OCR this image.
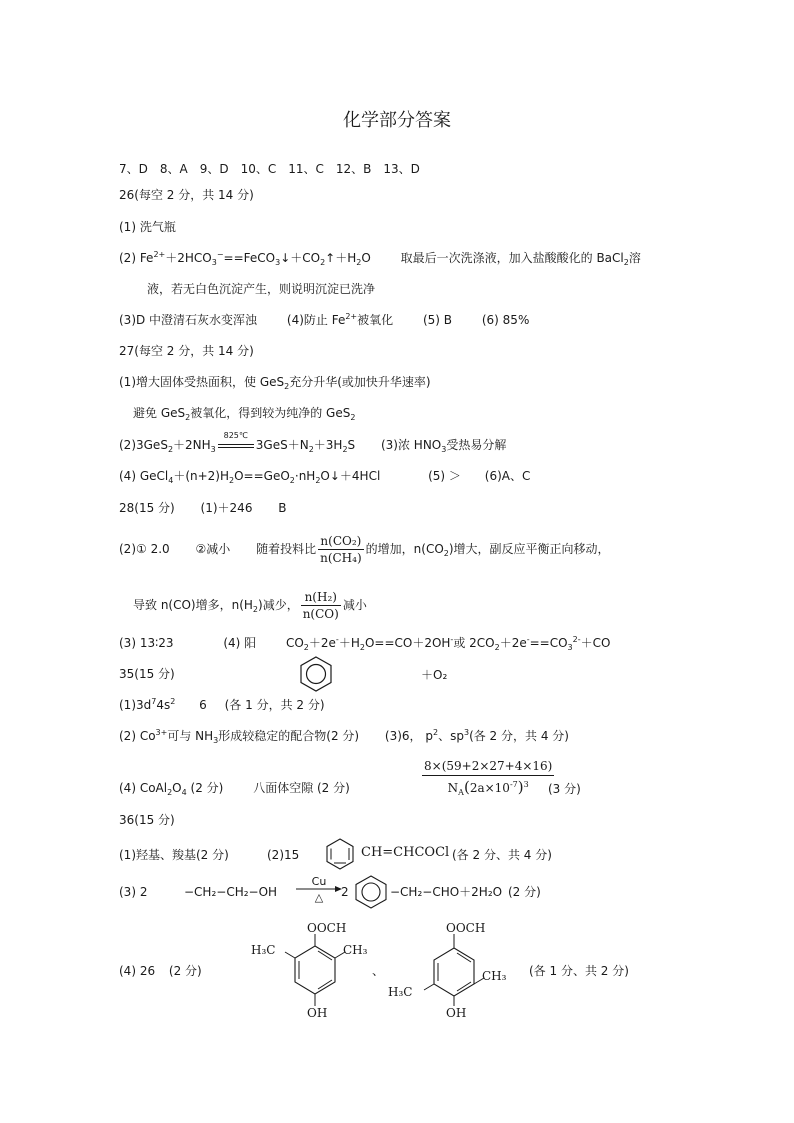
化学部分答案
7、D　8、A　9、D　10、C　11、C　12、B　13、D
26(每空 2 分，共 14 分)
(1) 洗气瓶
(2) $Fe^{2+}+2HCO_3^-==FeCO_3↓+CO_2↑+H_2O$ 取最后一次洗涤液，加入盐酸酸化的 BaCl$_2$溶
液，若无白色沉淀产生，则说明沉淀已洗净
(3)D 中澄清石灰水变浑浊 (4)防止 $Fe^{2+}$被氧化 (5) B (6) 85%
27(每空 2 分，共 14 分)
(1)增大固体受热面积，使 GeS$_2$充分升华(或加快升华速率)
避免 GeS$_2$被氧化，得到较为纯净的 GeS$_2$
$(2)3GeS_2+2NH_3$
825℃
$3GeS+N_2+3H_2S$ (3)浓 $HNO_3$受热易分解
(4) $GeCl_4+(n+2)H_2O==GeO_2\cdot nH_2O↓+4HCl$	(5) ＞ (6)A、C
28(15 分) (1)＋246 B
(2)① 2.0 ②减小 随着投料比 $\frac{\text{n(CO₂)}}{\text{n(CH₄)}}$ 的增加，$n(CO_2)$增大，副反应平衡正向移动，
导致 n(CO)增多，$n(H_2)$减少， $\frac{\text{n(H₂)}}{n(CO)}$ 减小
(3) 13∶23	(4) 阳 $CO_2+2e^-+H_2O==CO+2OH^-$或 $2CO_2+2e^-==CO_3^{2-}+CO$
35(15 分)	＋O₂
$(1)3d^74s^2$ 6 (各 1 分，共 2 分)
(2) $Co^{3+}$可与 $NH_3$形成较稳定的配合物(2 分) (3)6， $p^2$、$sp^3$(各 2 分，共 4 分)
(4) $CoAl_2O_4$ (2 分) 八面体空隙 (2 分)	$\frac{8\times(59+2\times 27+4\times 16)}{N_A(2a\times 10^{-7})^3}$
(3 分)
36(15 分)
(1)羟基、羧基(2 分)	(2)15	CH=CHCOCl (各 2 分、共 4 分)
(3) 2	−CH₂−CH₂−OH
Cu
△	2	−CH₂−CHO＋2H₂O (2 分)
(4) 26 (2 分)
OOCH
H₃C	CH₃
OH
、
OOCH
H₃C
CH₃
OH
(各 1 分、共 2 分)
